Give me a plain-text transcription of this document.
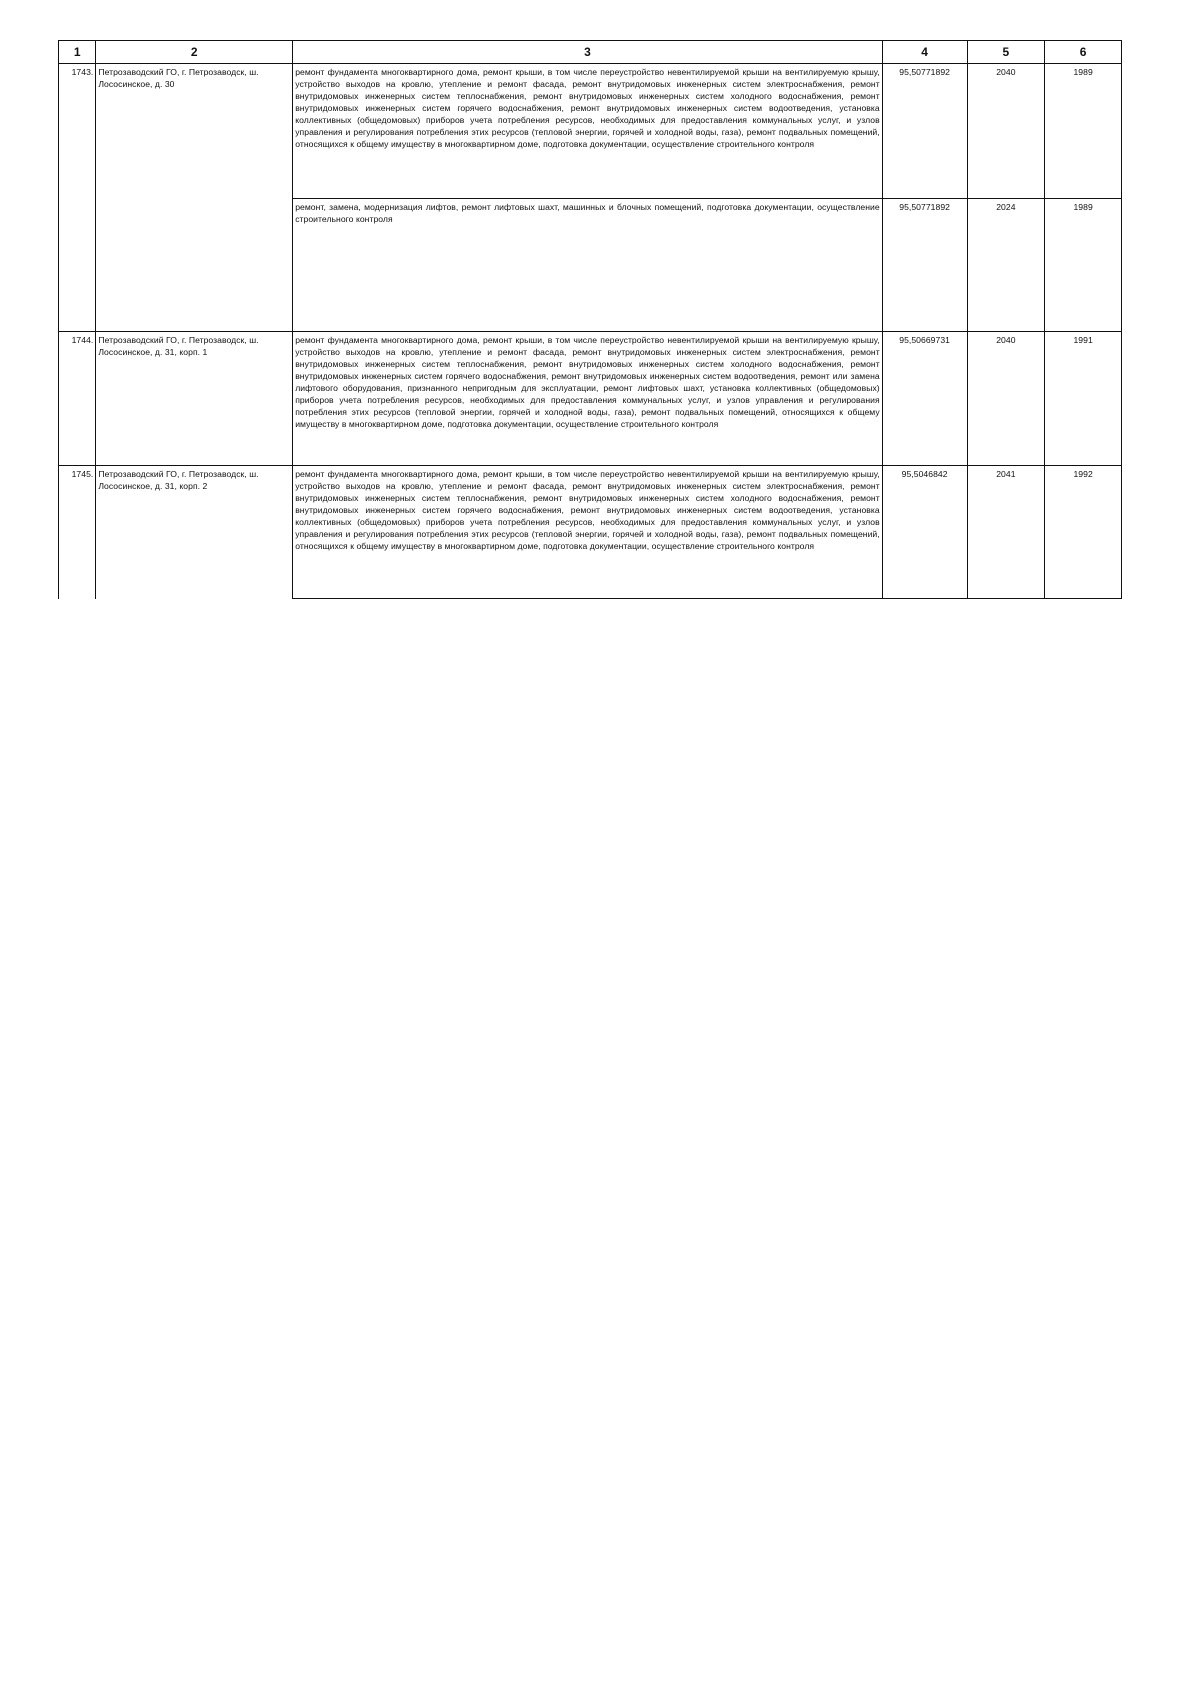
1	2	3	4	5	6
1743.	Петрозаводский ГО, г. Петрозаводск, ш. Лососинское, д. 30	ремонт фундамента многоквартирного дома, ремонт крыши, в том числе переустройство невентилируемой крыши на вентилируемую крышу, устройство выходов на кровлю, утепление и ремонт фасада, ремонт внутридомовых инженерных систем электроснабжения, ремонт внутридомовых инженерных систем теплоснабжения, ремонт внутридомовых инженерных систем холодного водоснабжения, ремонт внутридомовых инженерных систем горячего водоснабжения, ремонт внутридомовых инженерных систем водоотведения, установка коллективных (общедомовых) приборов учета потребления ресурсов, необходимых для предоставления коммунальных услуг, и узлов управления и регулирования потребления этих ресурсов (тепловой энергии, горячей и холодной воды, газа), ремонт подвальных помещений, относящихся к общему имуществу в многоквартирном доме, подготовка документации, осуществление строительного контроля	95,50771892	2040	1989
		ремонт, замена, модернизация лифтов, ремонт лифтовых шахт, машинных и блочных помещений, подготовка документации, осуществление строительного контроля	95,50771892	2024	1989
1744.	Петрозаводский ГО, г. Петрозаводск, ш. Лососинское, д. 31, корп. 1	ремонт фундамента многоквартирного дома, ремонт крыши, в том числе переустройство невентилируемой крыши на вентилируемую крышу, устройство выходов на кровлю, утепление и ремонт фасада, ремонт внутридомовых инженерных систем электроснабжения, ремонт внутридомовых инженерных систем теплоснабжения, ремонт внутридомовых инженерных систем холодного водоснабжения, ремонт внутридомовых инженерных систем горячего водоснабжения, ремонт внутридомовых инженерных систем водоотведения, ремонт или замена лифтового оборудования, признанного непригодным для эксплуатации, ремонт лифтовых шахт, установка коллективных (общедомовых) приборов учета потребления ресурсов, необходимых для предоставления коммунальных услуг, и узлов управления и регулирования потребления этих ресурсов (тепловой энергии, горячей и холодной воды, газа), ремонт подвальных помещений, относящихся к общему имуществу в многоквартирном доме, подготовка документации, осуществление строительного контроля	95,50669731	2040	1991
1745.	Петрозаводский ГО, г. Петрозаводск, ш. Лососинское, д. 31, корп. 2	ремонт фундамента многоквартирного дома, ремонт крыши, в том числе переустройство невентилируемой крыши на вентилируемую крышу, устройство выходов на кровлю, утепление и ремонт фасада, ремонт внутридомовых инженерных систем электроснабжения, ремонт внутридомовых инженерных систем теплоснабжения, ремонт внутридомовых инженерных систем холодного водоснабжения, ремонт внутридомовых инженерных систем горячего водоснабжения, ремонт внутридомовых инженерных систем водоотведения, установка коллективных (общедомовых) приборов учета потребления ресурсов, необходимых для предоставления коммунальных услуг, и узлов управления и регулирования потребления этих ресурсов (тепловой энергии, горячей и холодной воды, газа), ремонт подвальных помещений, относящихся к общему имуществу в многоквартирном доме, подготовка документации, осуществление строительного контроля	95,5046842	2041	1992
